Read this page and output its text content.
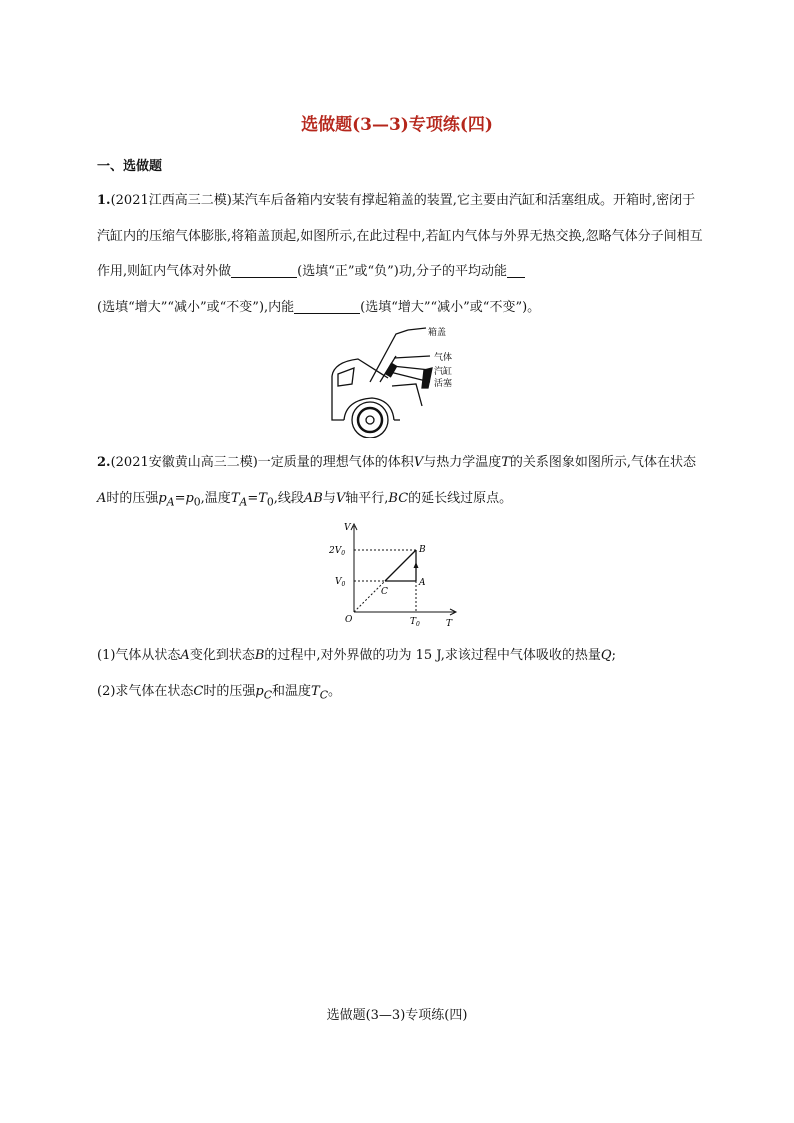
选做题(3—3)专项练(四)
一、选做题
1.(2021江西高三二模)某汽车后备箱内安装有撑起箱盖的装置,它主要由汽缸和活塞组成。开箱时,密闭于汽缸内的压缩气体膨胀,将箱盖顶起,如图所示,在此过程中,若缸内气体与外界无热交换,忽略气体分子间相互作用,则缸内气体对外做	(选填“正”或“负”)功,分子的平均动能
(选填“增大”“减小”或“不变”),内能	(选填“增大”“减小”或“不变”)。
箱盖
气体
汽缸
活塞
2.(2021安徽黄山高三二模)一定质量的理想气体的体积V与热力学温度T的关系图象如图所示,气体在状态A时的压强$p_A=p_0$,温度$T_A=T_0$,线段AB与V轴平行,BC的延长线过原点。
V
T
O
$2V_0$
$V_0$
$T_0$
B
A
C
(1)气体从状态A变化到状态B的过程中,对外界做的功为 15 J,求该过程中气体吸收的热量Q;
(2)求气体在状态C时的压强$p_C$和温度$T_C$。
选做题(3—3)专项练(四)
